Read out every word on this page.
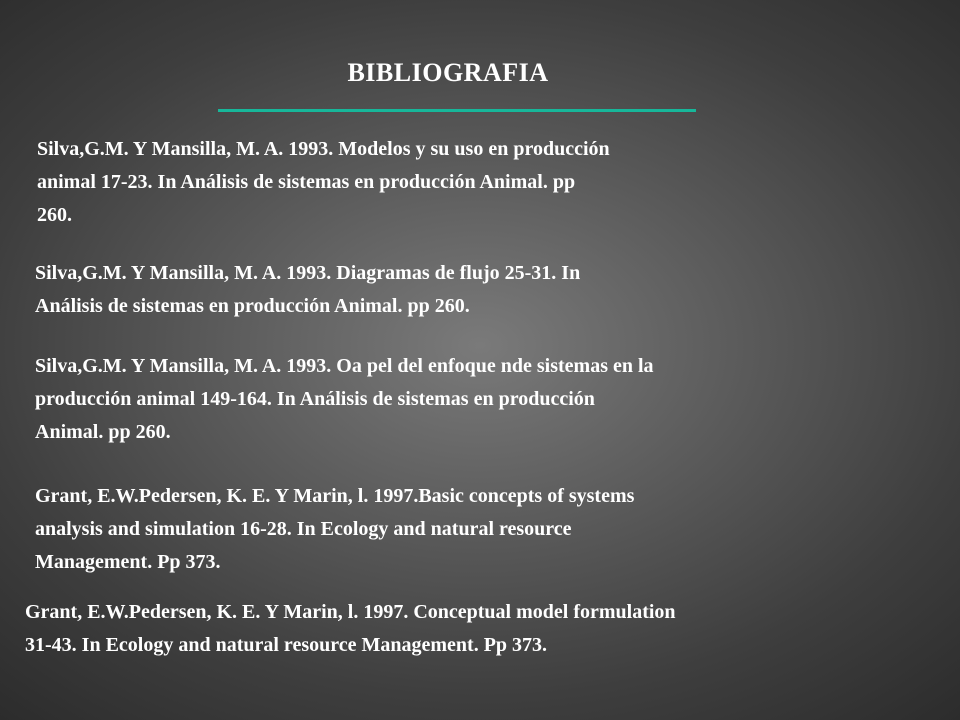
BIBLIOGRAFIA

Silva,G.M. Y Mansilla, M. A. 1993. Modelos y su uso en producción
animal 17-23. In Análisis de sistemas en producción Animal. pp
260.

Silva,G.M. Y Mansilla, M. A. 1993. Diagramas de flujo 25-31. In
Análisis de sistemas en producción Animal. pp 260.

Silva,G.M. Y Mansilla, M. A. 1993. Oa pel del enfoque nde sistemas en la
producción animal 149-164. In Análisis de sistemas en producción
Animal. pp 260.

Grant, E.W.Pedersen, K. E. Y Marin, l. 1997.Basic concepts of systems
analysis and simulation 16-28. In Ecology and natural resource
Management. Pp 373.

Grant, E.W.Pedersen, K. E. Y Marin, l. 1997. Conceptual model formulation
31-43. In Ecology and natural resource Management. Pp 373.
